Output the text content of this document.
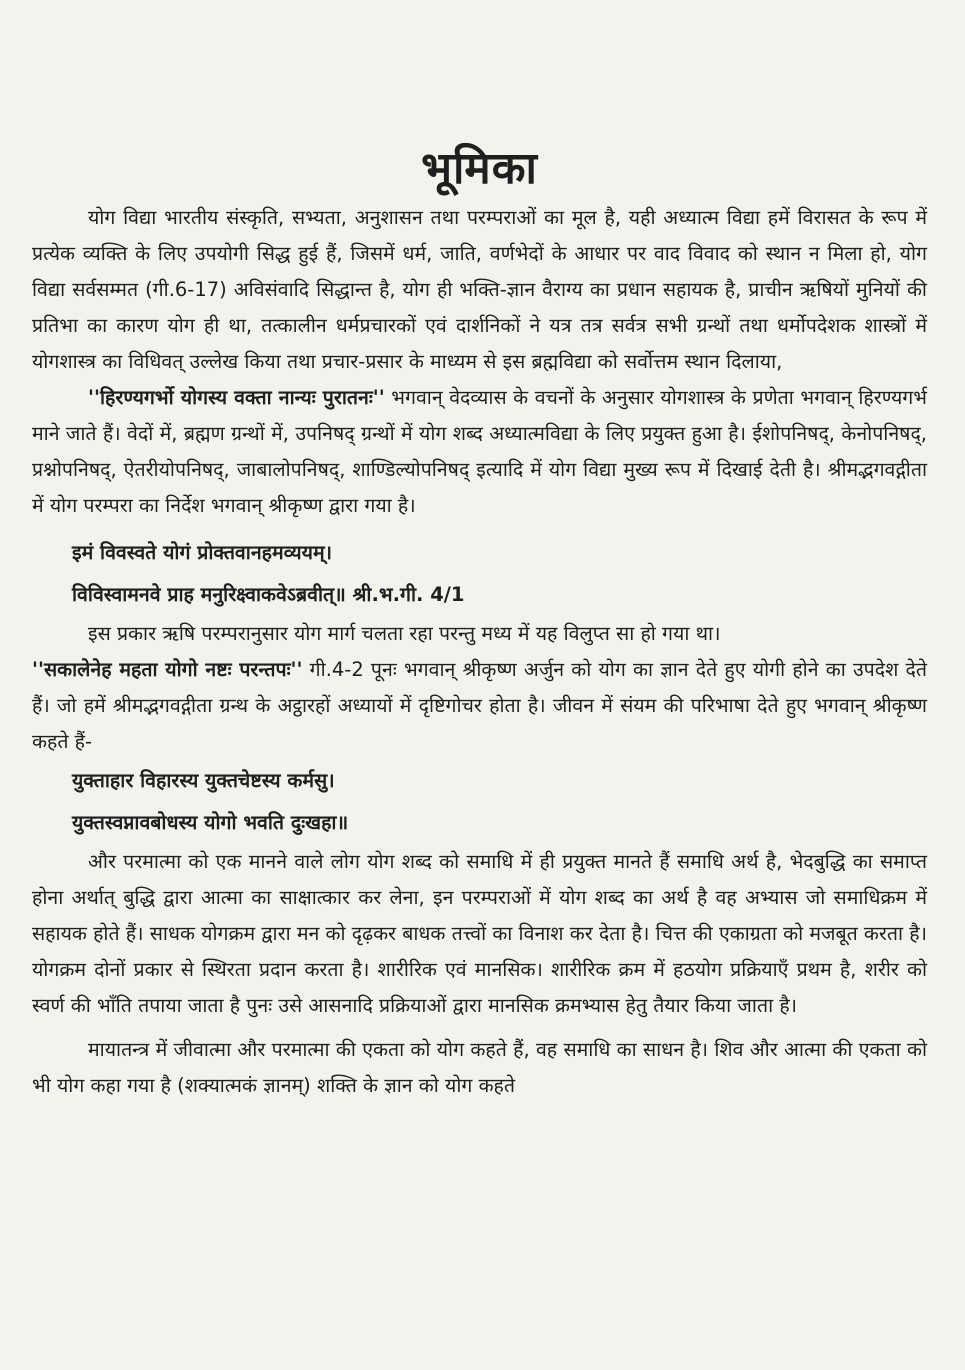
भूमिका

योग विद्या भारतीय संस्कृति, सभ्यता, अनुशासन तथा परम्पराओं का मूल है, यही अध्यात्म विद्या हमें विरासत के रूप में प्रत्येक व्यक्ति के लिए उपयोगी सिद्ध हुई हैं, जिसमें धर्म, जाति, वर्णभेदों के आधार पर वाद विवाद को स्थान न मिला हो, योग विद्या सर्वसम्मत (गी.6-17) अविसंवादि सिद्धान्त है, योग ही भक्ति-ज्ञान वैराग्य का प्रधान सहायक है, प्राचीन ऋषियों मुनियों की प्रतिभा का कारण योग ही था, तत्कालीन धर्मप्रचारकों एवं दार्शनिकों ने यत्र तत्र सर्वत्र सभी ग्रन्थों तथा धर्मोपदेशक शास्त्रों में योगशास्त्र का विधिवत् उल्लेख किया तथा प्रचार-प्रसार के माध्यम से इस ब्रह्मविद्या को सर्वोत्तम स्थान दिलाया,

''हिरण्यगर्भो योगस्य वक्ता नान्यः पुरातनः'' भगवान् वेदव्यास के वचनों के अनुसार योगशास्त्र के प्रणेता भगवान् हिरण्यगर्भ माने जाते हैं। वेदों में, ब्रह्मण ग्रन्थों में, उपनिषद् ग्रन्थों में योग शब्द अध्यात्मविद्या के लिए प्रयुक्त हुआ है। ईशोपनिषद्, केनोपनिषद्, प्रश्नोपनिषद्, ऐतरीयोपनिषद्, जाबालोपनिषद्, शाण्डिल्योपनिषद् इत्यादि में योग विद्या मुख्य रूप में दिखाई देती है। श्रीमद्भगवद्गीता में योग परम्परा का निर्देश भगवान् श्रीकृष्ण द्वारा गया है।

इमं विवस्वते योगं प्रोक्तवानहमव्ययम्।
विविस्वामनवे प्राह मनुरिक्ष्वाकवेऽब्रवीत्॥ श्री.भ.गी. 4/1

इस प्रकार ऋषि परम्परानुसार योग मार्ग चलता रहा परन्तु मध्य में यह विलुप्त सा हो गया था।

''सकालेनेह महता योगो नष्टः परन्तपः'' गी.4-2 पूनः भगवान् श्रीकृष्ण अर्जुन को योग का ज्ञान देते हुए योगी होने का उपदेश देते हैं। जो हमें श्रीमद्भगवद्गीता ग्रन्थ के अट्ठारहों अध्यायों में दृष्टिगोचर होता है। जीवन में संयम की परिभाषा देते हुए भगवान् श्रीकृष्ण कहते हैं-

युक्ताहार विहारस्य युक्तचेष्टस्य कर्मसु।
युक्तस्वप्नावबोधस्य योगो भवति दुःखहा॥

और परमात्मा को एक मानने वाले लोग योग शब्द को समाधि में ही प्रयुक्त मानते हैं समाधि अर्थ है, भेदबुद्धि का समाप्त होना अर्थात् बुद्धि द्वारा आत्मा का साक्षात्कार कर लेना, इन परम्पराओं में योग शब्द का अर्थ है वह अभ्यास जो समाधिक्रम में सहायक होते हैं। साधक योगक्रम द्वारा मन को दृढ़कर बाधक तत्त्वों का विनाश कर देता है। चित्त की एकाग्रता को मजबूत करता है। योगक्रम दोनों प्रकार से स्थिरता प्रदान करता है। शारीरिक एवं मानसिक। शारीरिक क्रम में हठयोग प्रक्रियाएँ प्रथम है, शरीर को स्वर्ण की भाँति तपाया जाता है पुनः उसे आसनादि प्रक्रियाओं द्वारा मानसिक क्रमभ्यास हेतु तैयार किया जाता है।

मायातन्त्र में जीवात्मा और परमात्मा की एकता को योग कहते हैं, वह समाधि का साधन है। शिव और आत्मा की एकता को भी योग कहा गया है (शक्यात्मकं ज्ञानम्) शक्ति के ज्ञान को योग कहते
